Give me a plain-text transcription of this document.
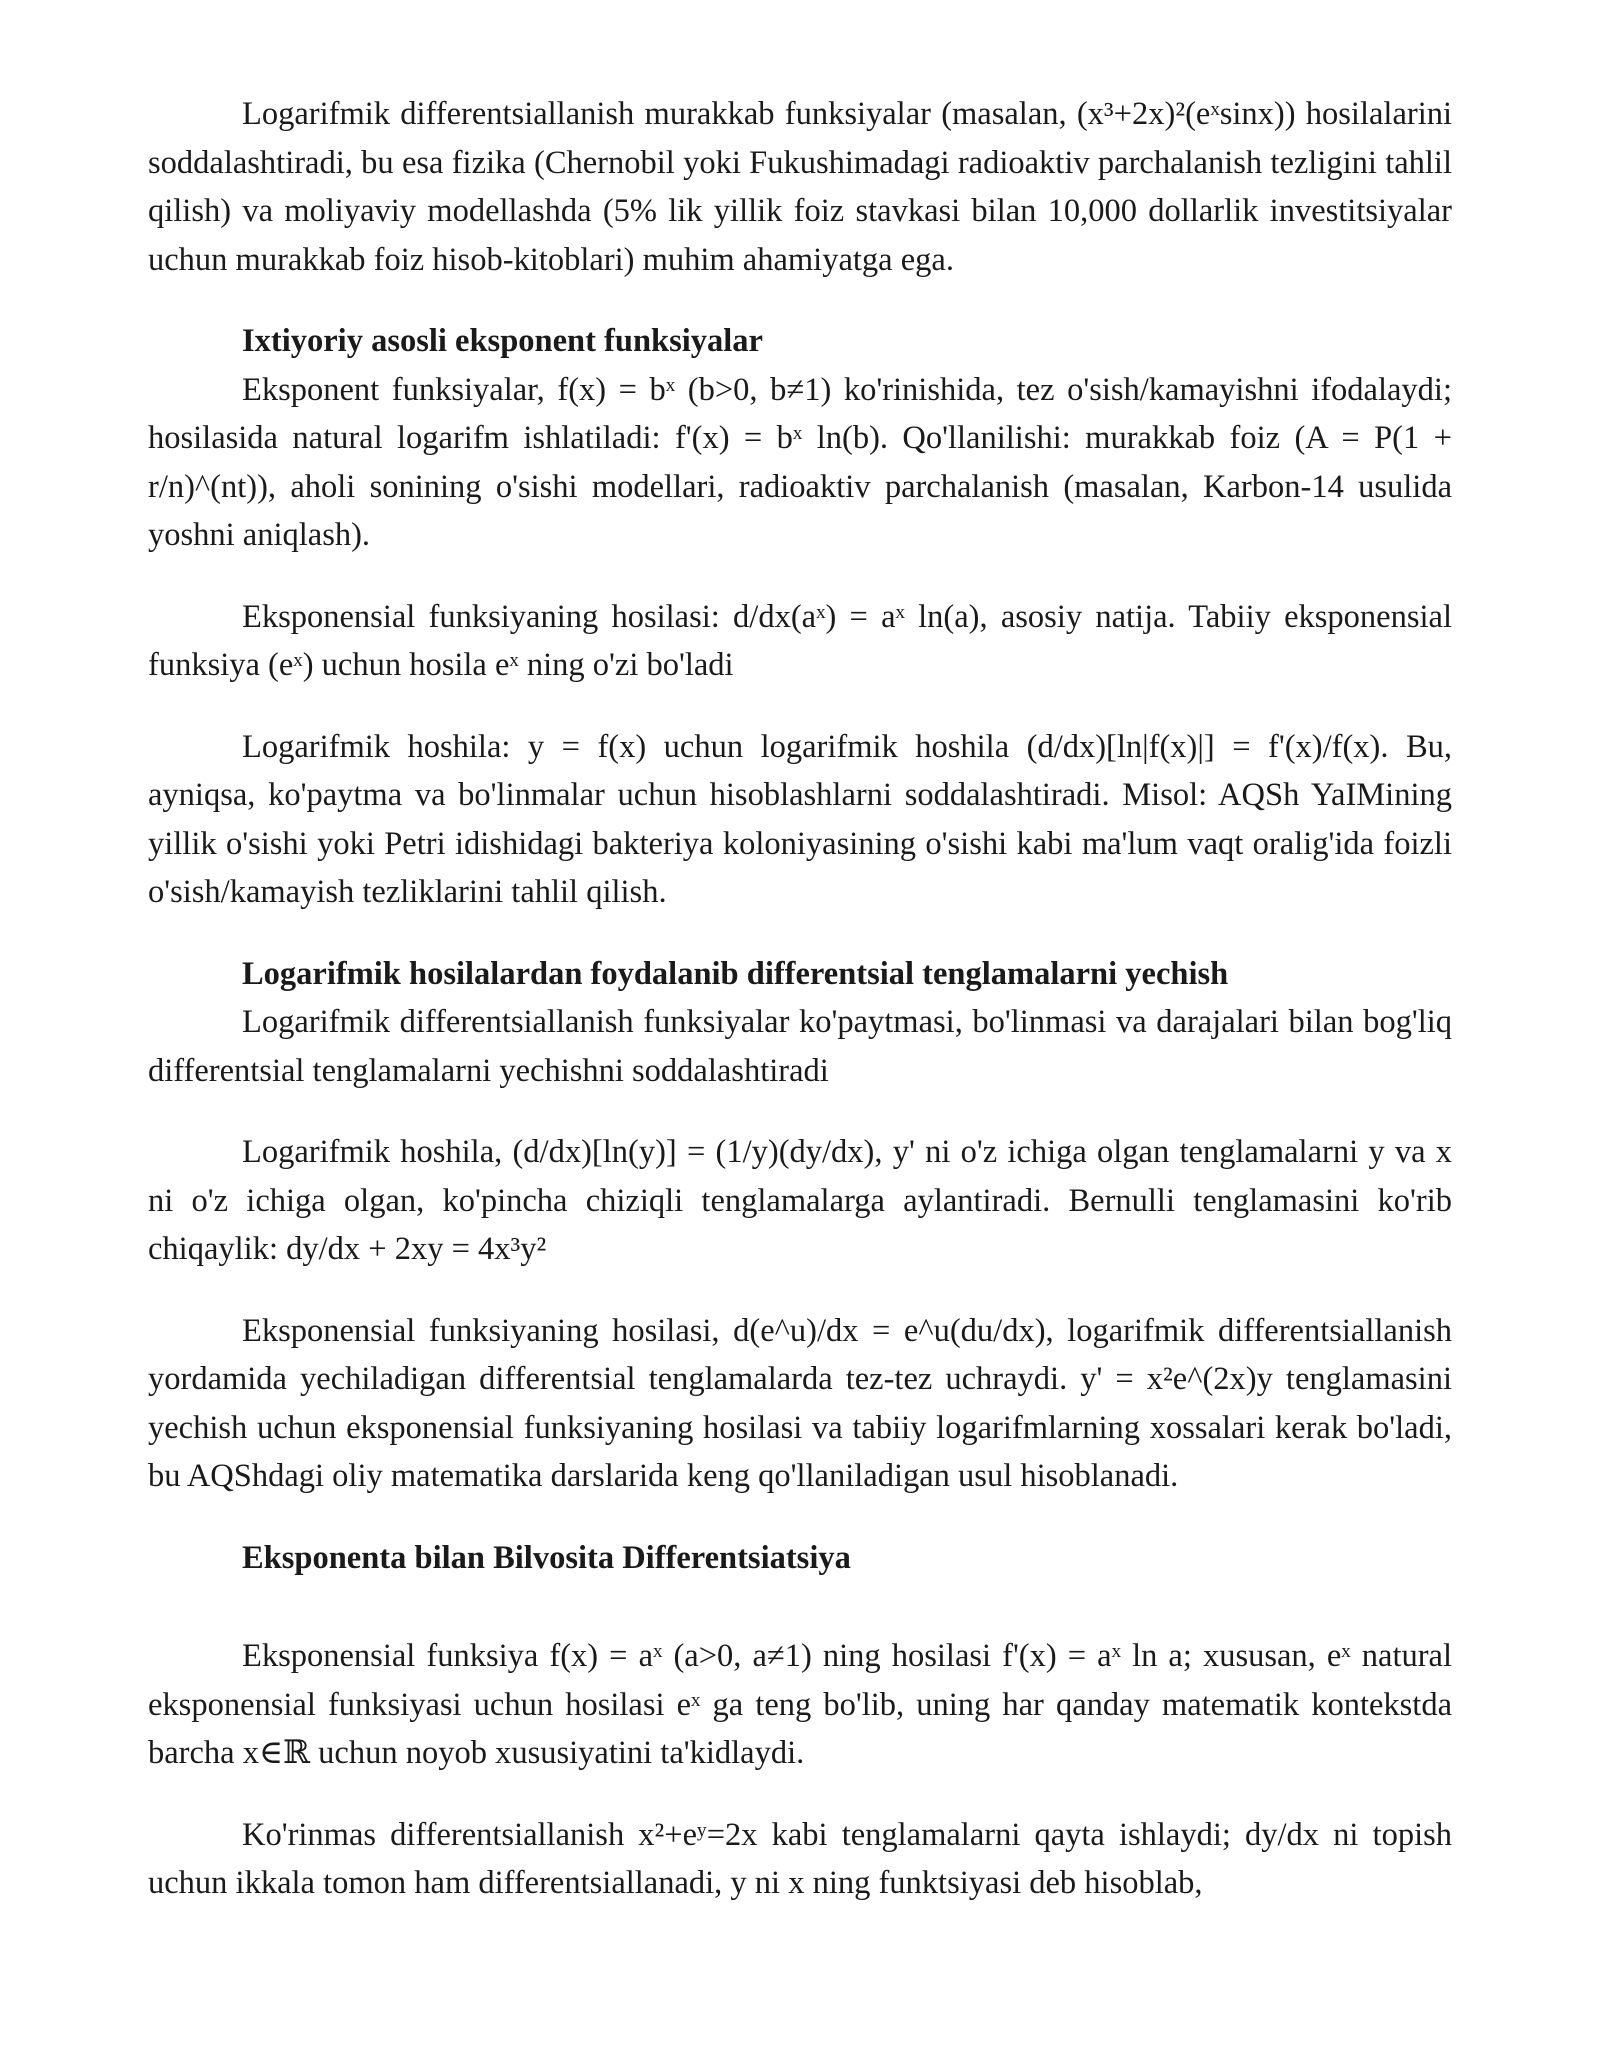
Logarifmik differentsiallanish murakkab funksiyalar (masalan, (x³+2x)²(eˣsinx)) hosilalarini soddalashtiradi, bu esa fizika (Chernobil yoki Fukushimadagi radioaktiv parchalanish tezligini tahlil qilish) va moliyaviy modellashda (5% lik yillik foiz stavkasi bilan 10,000 dollarlik investitsiyalar uchun murakkab foiz hisob-kitoblari) muhim ahamiyatga ega.

Ixtiyoriy asosli eksponent funksiyalar

Eksponent funksiyalar, f(x) = bˣ (b>0, b≠1) ko'rinishida, tez o'sish/kamayishni ifodalaydi; hosilasida natural logarifm ishlatiladi: f'(x) = bˣ ln(b). Qo'llanilishi: murakkab foiz (A = P(1 + r/n)^(nt)), aholi sonining o'sishi modellari, radioaktiv parchalanish (masalan, Karbon-14 usulida yoshni aniqlash).

Eksponensial funksiyaning hosilasi: d/dx(aˣ) = aˣ ln(a), asosiy natija. Tabiiy eksponensial funksiya (eˣ) uchun hosila eˣ ning o'zi bo'ladi

Logarifmik hoshila: y = f(x) uchun logarifmik hoshila (d/dx)[ln|f(x)|] = f'(x)/f(x). Bu, ayniqsa, ko'paytma va bo'linmalar uchun hisoblashlarni soddalashtiradi. Misol: AQSh YaIMining yillik o'sishi yoki Petri idishidagi bakteriya koloniyasining o'sishi kabi ma'lum vaqt oralig'ida foizli o'sish/kamayish tezliklarini tahlil qilish.

Logarifmik hosilalardan foydalanib differentsial tenglamalarni yechish

Logarifmik differentsiallanish funksiyalar ko'paytmasi, bo'linmasi va darajalari bilan bog'liq differentsial tenglamalarni yechishni soddalashtiradi

Logarifmik hoshila, (d/dx)[ln(y)] = (1/y)(dy/dx), y' ni o'z ichiga olgan tenglamalarni y va x ni o'z ichiga olgan, ko'pincha chiziqli tenglamalarga aylantiradi. Bernulli tenglamasini ko'rib chiqaylik: dy/dx + 2xy = 4x³y²

Eksponensial funksiyaning hosilasi, d(e^u)/dx = e^u(du/dx), logarifmik differentsiallanish yordamida yechiladigan differentsial tenglamalarda tez-tez uchraydi. y' = x²e^(2x)y tenglamasini yechish uchun eksponensial funksiyaning hosilasi va tabiiy logarifmlarning xossalari kerak bo'ladi, bu AQShdagi oliy matematika darslarida keng qo'llaniladigan usul hisoblanadi.

Eksponenta bilan Bilvosita Differentsiatsiya

Eksponensial funksiya f(x) = aˣ (a>0, a≠1) ning hosilasi f'(x) = aˣ ln a; xususan, eˣ natural eksponensial funksiyasi uchun hosilasi eˣ ga teng bo'lib, uning har qanday matematik kontekstda barcha x∈ℝ uchun noyob xususiyatini ta'kidlaydi.

Ko'rinmas differentsiallanish x²+eʸ=2x kabi tenglamalarni qayta ishlaydi; dy/dx ni topish uchun ikkala tomon ham differentsiallanadi, y ni x ning funktsiyasi deb hisoblab,
